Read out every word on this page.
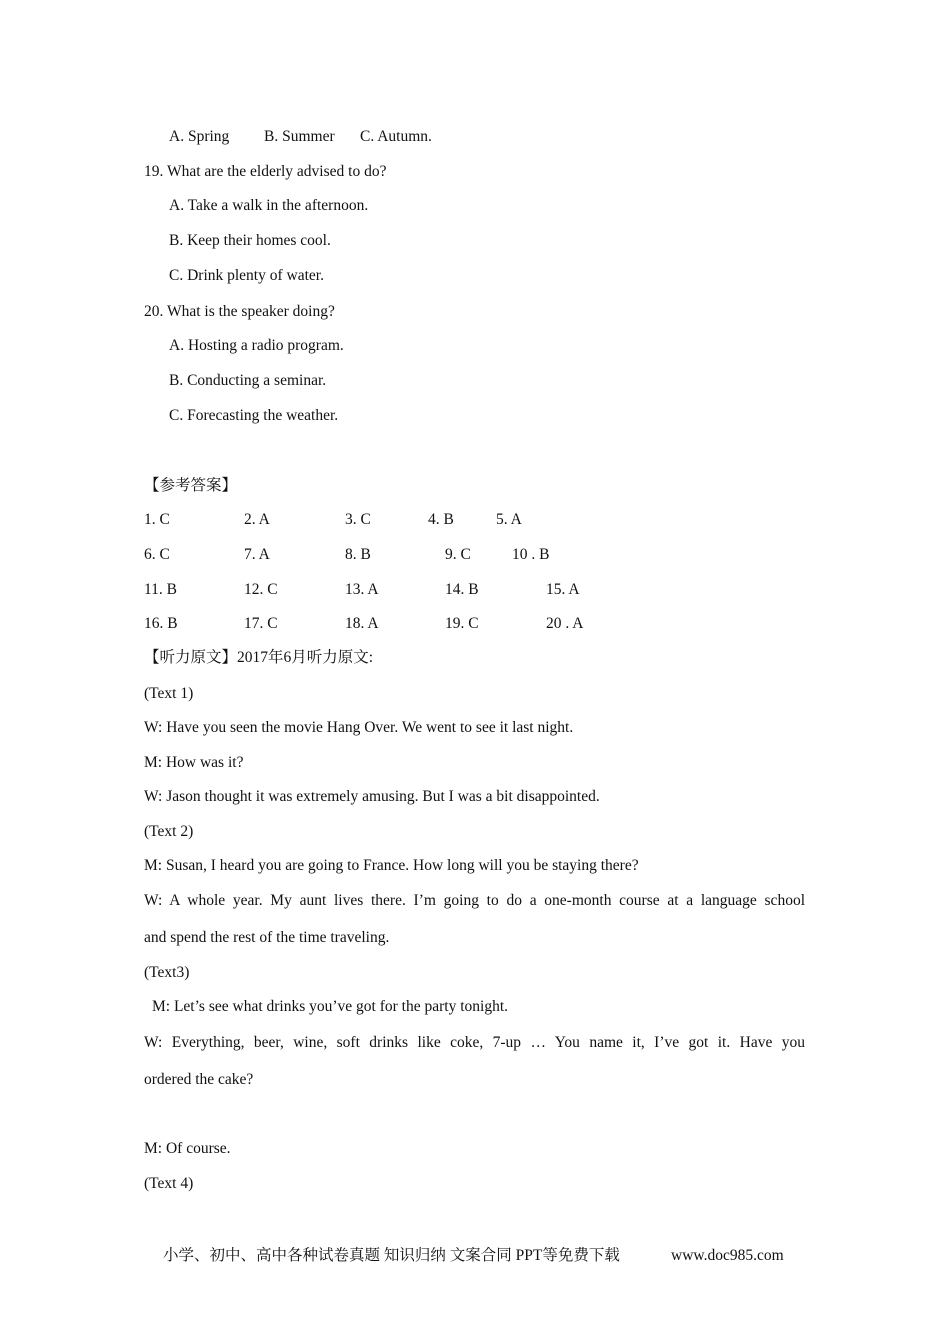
A. Spring B. Summer C. Autumn.
19. What are the elderly advised to do?
A. Take a walk in the afternoon.
B. Keep their homes cool.
C. Drink plenty of water.
20. What is the speaker doing?
A. Hosting a radio program.
B. Conducting a seminar.
C. Forecasting the weather.
【参考答案】
1. C	2. A	3. C	4. B	5. A
6. C	7. A	8. B	9. C	10 . B
11. B	12. C	13. A	14. B	15. A
16. B	17. C	18. A	19. C	20 . A
【听力原文】2017年6月听力原文:
(Text 1)
W: Have you seen the movie Hang Over. We went to see it last night.
M: How was it?
W: Jason thought it was extremely amusing. But I was a bit disappointed.
(Text 2)
M: Susan, I heard you are going to France. How long will you be staying there?
W: A whole year. My aunt lives there. I’m going to do a one-month course at a language school
and spend the rest of the time traveling.
(Text3)
M: Let’s see what drinks you’ve got for the party tonight.
W: Everything, beer, wine, soft drinks like coke, 7-up … You name it, I’ve got it. Have you
ordered the cake?
M: Of course.
(Text 4)
小学、初中、高中各种试卷真题 知识归纳 文案合同 PPT等免费下载	www.doc985.com
